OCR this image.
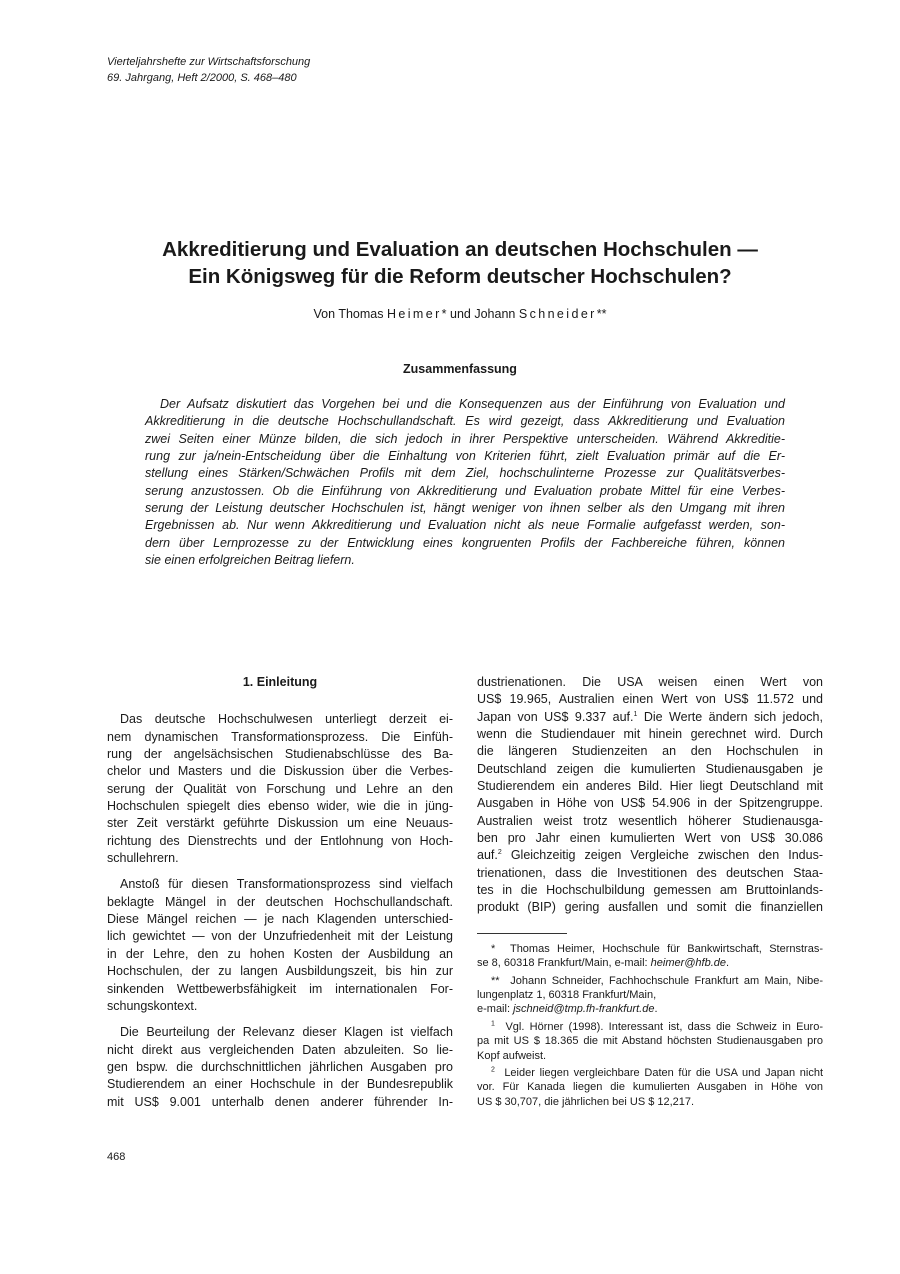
Vierteljahrshefte zur Wirtschaftsforschung
69. Jahrgang, Heft 2/2000, S. 468–480
Akkreditierung und Evaluation an deutschen Hochschulen —
Ein Königsweg für die Reform deutscher Hochschulen?
Von Thomas Heimer* und Johann Schneider**
Zusammenfassung
Der Aufsatz diskutiert das Vorgehen bei und die Konsequenzen aus der Einführung von Evaluation und
Akkreditierung in die deutsche Hochschullandschaft. Es wird gezeigt, dass Akkreditierung und Evaluation
zwei Seiten einer Münze bilden, die sich jedoch in ihrer Perspektive unterscheiden. Während Akkreditie-
rung zur ja/nein-Entscheidung über die Einhaltung von Kriterien führt, zielt Evaluation primär auf die Er-
stellung eines Stärken/Schwächen Profils mit dem Ziel, hochschulinterne Prozesse zur Qualitätsverbes-
serung anzustossen. Ob die Einführung von Akkreditierung und Evaluation probate Mittel für eine Verbes-
serung der Leistung deutscher Hochschulen ist, hängt weniger von ihnen selber als den Umgang mit ihren
Ergebnissen ab. Nur wenn Akkreditierung und Evaluation nicht als neue Formalie aufgefasst werden, son-
dern über Lernprozesse zu der Entwicklung eines kongruenten Profils der Fachbereiche führen, können
sie einen erfolgreichen Beitrag liefern.
1. Einleitung
Das deutsche Hochschulwesen unterliegt derzeit ei-
nem dynamischen Transformationsprozess. Die Einfüh-
rung der angelsächsischen Studienabschlüsse des Ba-
chelor und Masters und die Diskussion über die Verbes-
serung der Qualität von Forschung und Lehre an den
Hochschulen spiegelt dies ebenso wider, wie die in jüng-
ster Zeit verstärkt geführte Diskussion um eine Neuaus-
richtung des Dienstrechts und der Entlohnung von Hoch-
schullehrern.
Anstoß für diesen Transformationsprozess sind vielfach
beklagte Mängel in der deutschen Hochschullandschaft.
Diese Mängel reichen — je nach Klagenden unterschied-
lich gewichtet — von der Unzufriedenheit mit der Leistung
in der Lehre, den zu hohen Kosten der Ausbildung an
Hochschulen, der zu langen Ausbildungszeit, bis hin zur
sinkenden Wettbewerbsfähigkeit im internationalen For-
schungskontext.
Die Beurteilung der Relevanz dieser Klagen ist vielfach
nicht direkt aus vergleichenden Daten abzuleiten. So lie-
gen bspw. die durchschnittlichen jährlichen Ausgaben pro
Studierendem an einer Hochschule in der Bundesrepublik
mit US$ 9.001 unterhalb denen anderer führender In-
dustrienationen. Die USA weisen einen Wert von
US$ 19.965, Australien einen Wert von US$ 11.572 und
Japan von US$ 9.337 auf.$^1$ Die Werte ändern sich jedoch,
wenn die Studiendauer mit hinein gerechnet wird. Durch
die längeren Studienzeiten an den Hochschulen in
Deutschland zeigen die kumulierten Studienausgaben je
Studierendem ein anderes Bild. Hier liegt Deutschland mit
Ausgaben in Höhe von US$ 54.906 in der Spitzengruppe.
Australien weist trotz wesentlich höherer Studienausga-
ben pro Jahr einen kumulierten Wert von US$ 30.086
auf.$^2$ Gleichzeitig zeigen Vergleiche zwischen den Indus-
trienationen, dass die Investitionen des deutschen Staa-
tes in die Hochschulbildung gemessen am Bruttoinlands-
produkt (BIP) gering ausfallen und somit die finanziellen
* Thomas Heimer, Hochschule für Bankwirtschaft, Sternstras-
se 8, 60318 Frankfurt/Main, e-mail: heimer@hfb.de.
** Johann Schneider, Fachhochschule Frankfurt am Main, Nibe-
lungenplatz 1, 60318 Frankfurt/Main,
e-mail: jschneid@tmp.fh-frankfurt.de.
$^1$ Vgl. Hörner (1998). Interessant ist, dass die Schweiz in Euro-
pa mit US $ 18.365 die mit Abstand höchsten Studienausgaben pro
Kopf aufweist.
$^2$ Leider liegen vergleichbare Daten für die USA und Japan nicht
vor. Für Kanada liegen die kumulierten Ausgaben in Höhe von
US $ 30,707, die jährlichen bei US $ 12,217.
468
